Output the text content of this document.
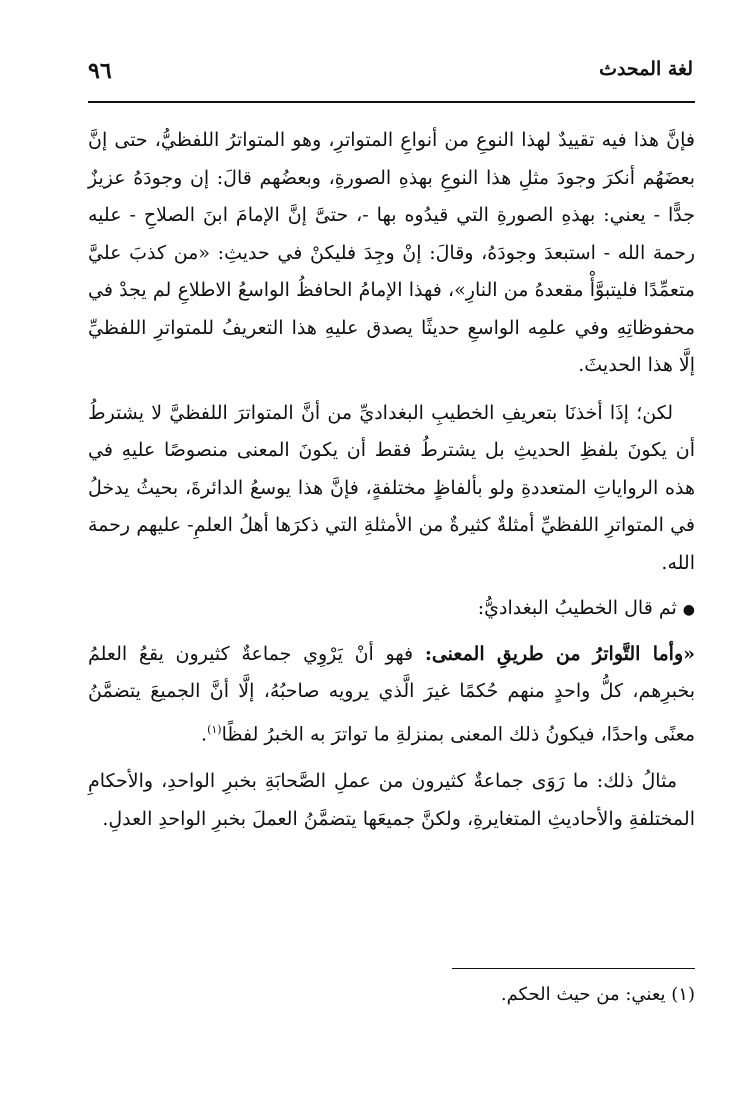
لغة المحدث
٩٦

فإنَّ هذا فيه تقييدٌ لهذا النوعِ من أنواعِ المتواترِ، وهو المتواترُ اللفظيُّ، حتى إنَّ بعضَهُم أنكرَ وجودَ مثلِ هذا النوعِ بهذهِ الصورةِ، وبعضُهم قالَ: إن وجودَهُ عزيزٌ جدًّا - يعني: بهذهِ الصورةِ التي قيدُوه بها -، حتىَّ إنَّ الإمامَ ابنَ الصلاحِ - عليه رحمة الله - استبعدَ وجودَهُ، وقالَ: إنْ وجِدَ فليكنْ في حديثِ: «من كذبَ عليَّ متعمِّدًا فليتبوَّأْ مقعدهُ من النارِ»، فهذا الإمامُ الحافظُ الواسعُ الاطلاعِ لم يجدْ في محفوظاتِهِ وفي علمِه الواسعِ حديثًا يصدق عليهِ هذا التعريفُ للمتواترِ اللفظيِّ إلَّا هذا الحديثَ.

لكن؛ إذَا أخذنَا بتعريفِ الخطيبِ البغداديِّ من أنَّ المتواترَ اللفظيَّ لا يشترطُ أن يكونَ بلفظِ الحديثِ بل يشترطُ فقط أن يكونَ المعنى منصوصًا عليهِ في هذه الرواياتِ المتعددةِ ولو بألفاظٍ مختلفةٍ، فإنَّ هذا يوسعُ الدائرةَ، بحيثُ يدخلُ في المتواترِ اللفظيِّ أمثلةٌ كثيرةٌ من الأمثلةِ التي ذكرَها أهلُ العلمِ- عليهم رحمة الله.

●ثم قال الخطيبُ البغداديُّ:

«وأما التَّواترُ من طريقِ المعنى: فهو أنْ يَرْوِي جماعةٌ كثيرون يقعُ العلمُ بخبرِهم، كلُّ واحدٍ منهم حُكمًا غيرَ الَّذي يرويه صاحبُهُ، إلَّا أنَّ الجميعَ يتضمَّنُ معنًى واحدًا، فيكونُ ذلك المعنى بمنزلةِ ما تواترَ به الخبرُ لفظًا$^{(١)}$.

مثالُ ذلك: ما رَوَى جماعةٌ كثيرون من عملِ الصَّحابَةِ بخبرِ الواحدِ، والأحكامِ المختلفةِ والأحاديثِ المتغايرةِ، ولكنَّ جميعَها يتضمَّنُ العملَ بخبرِ الواحدِ العدلِ.

(١) يعني: من حيث الحكم.
